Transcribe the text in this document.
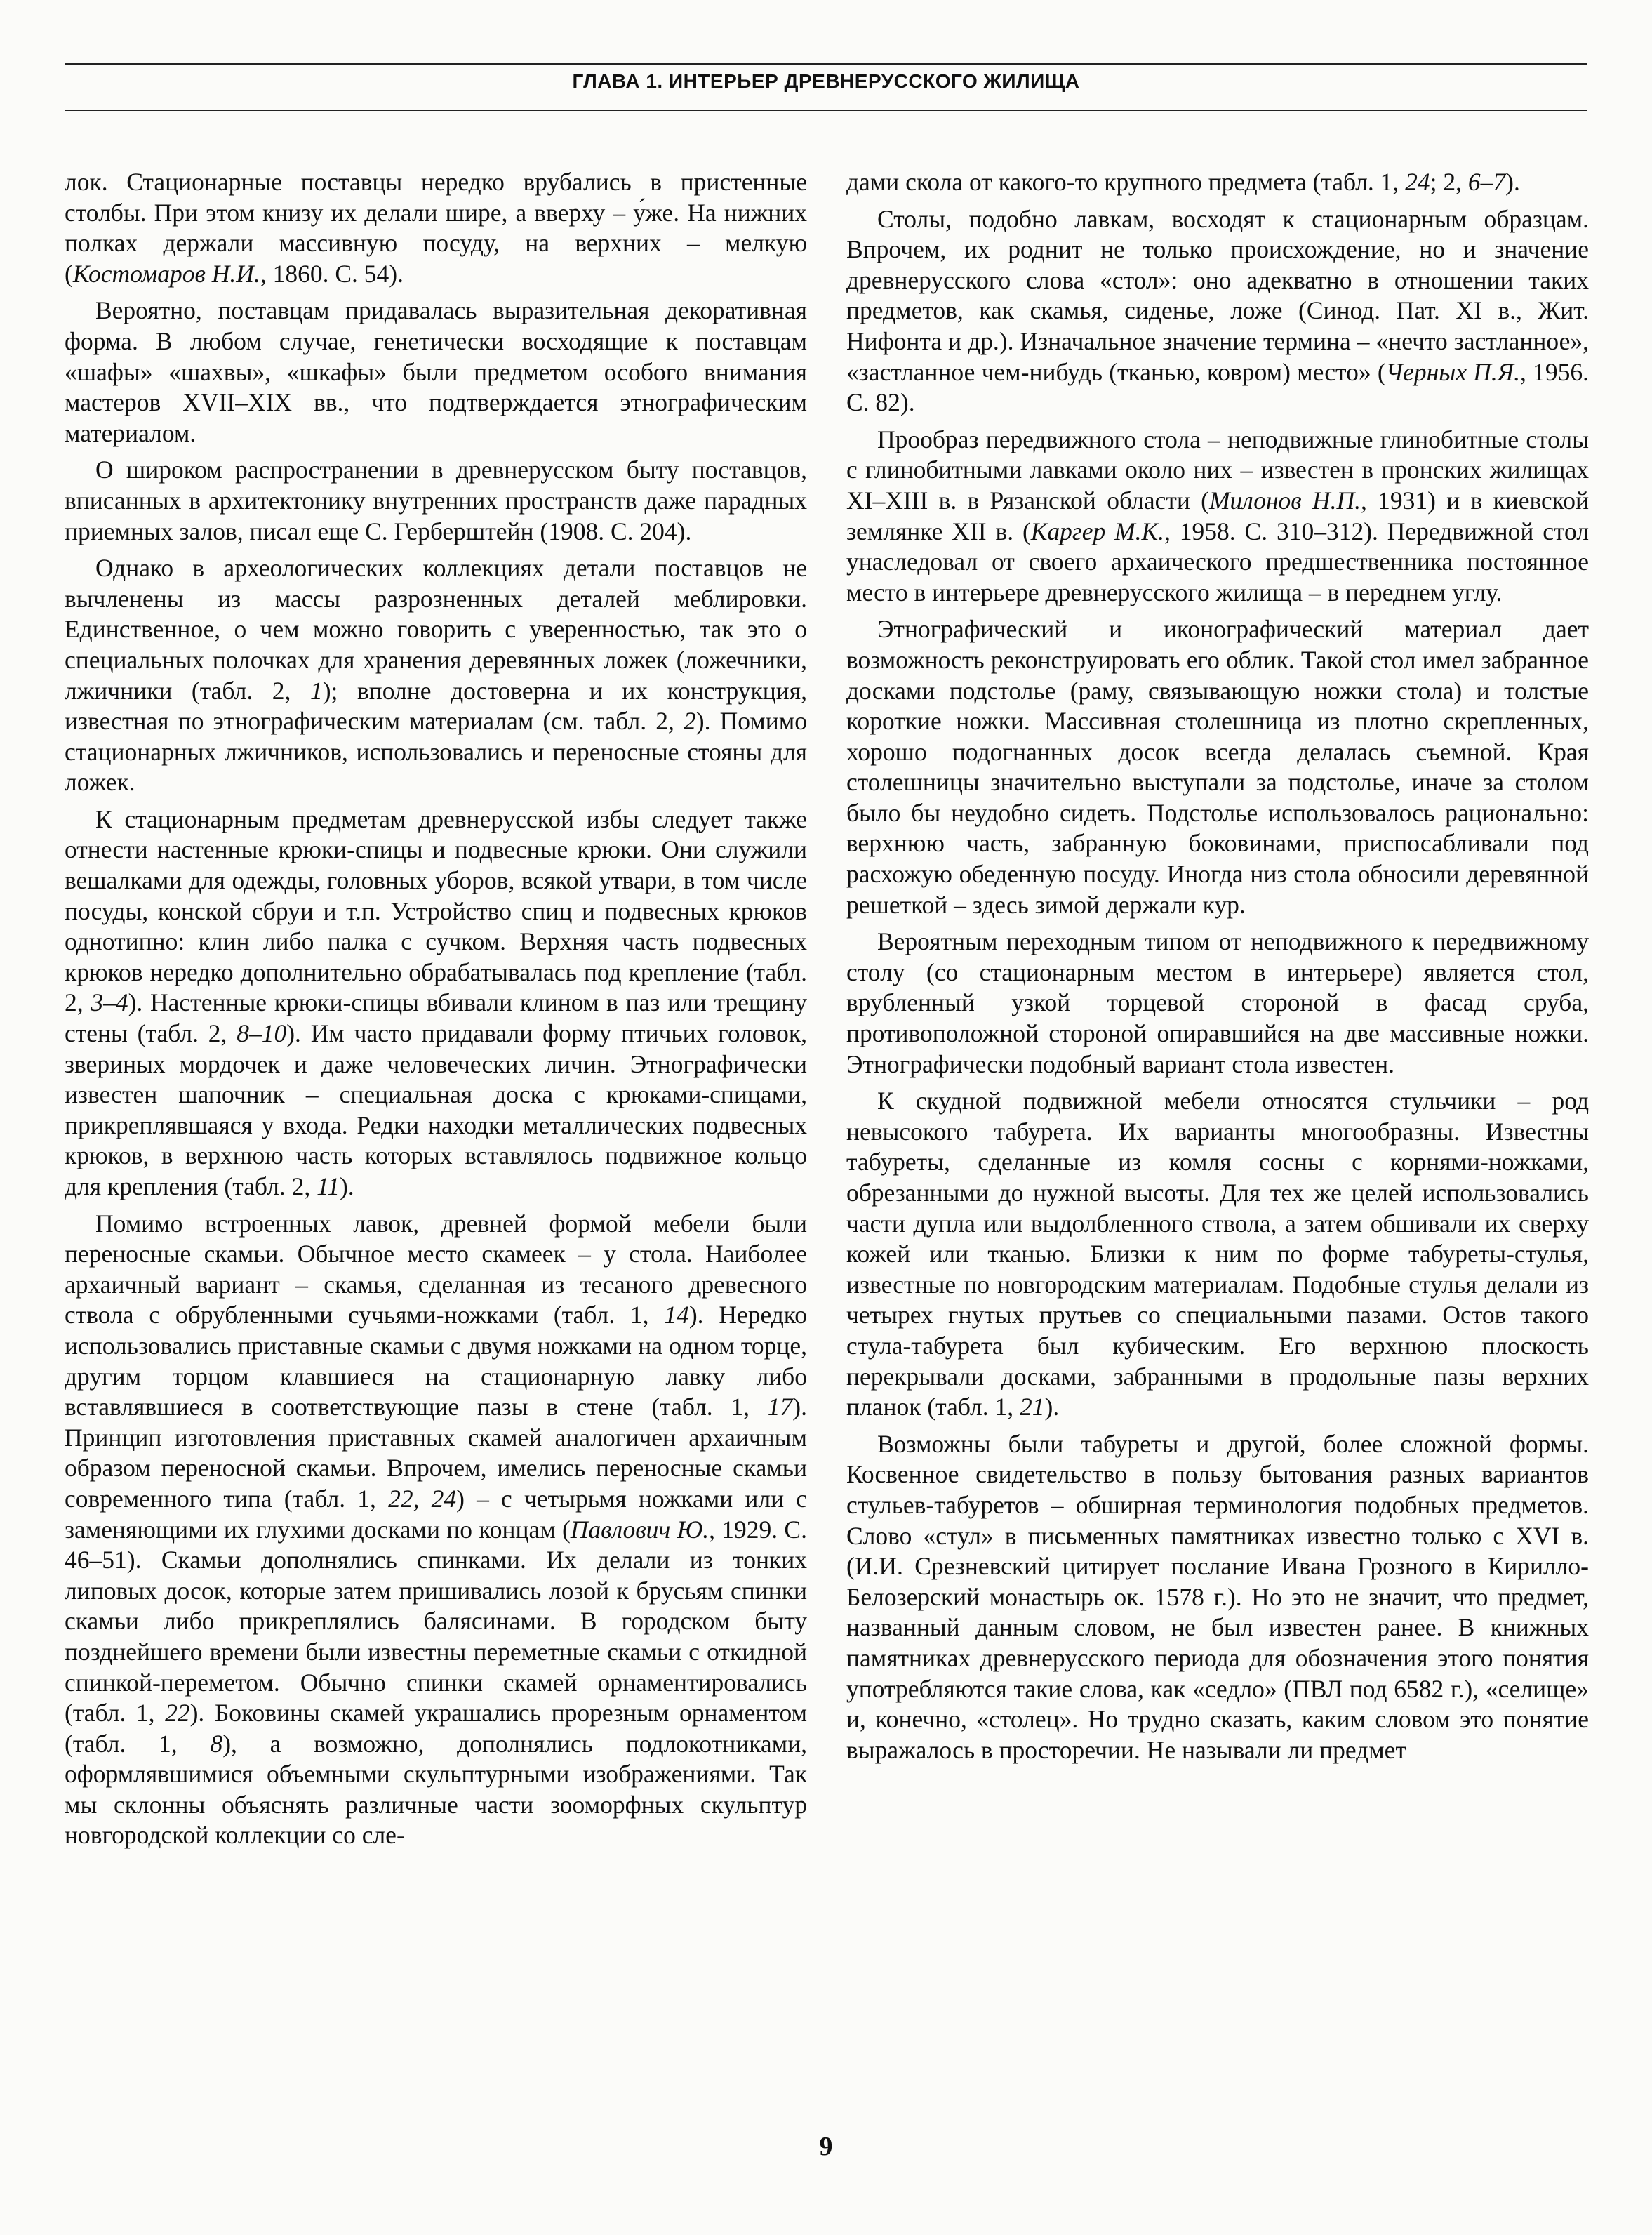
ГЛАВА 1. ИНТЕРЬЕР ДРЕВНЕРУССКОГО ЖИЛИЩА

лок. Стационарные поставцы нередко врубались в пристенные столбы. При этом книзу их делали шире, а вверху – у́же. На нижних полках держали массивную посуду, на верхних – мелкую (Костомаров Н.И., 1860. С. 54).

Вероятно, поставцам придавалась выразительная декоративная форма. В любом случае, генетически восходящие к поставцам «шафы» «шахвы», «шкафы» были предметом особого внимания мастеров XVII–XIX вв., что подтверждается этнографическим материалом.

О широком распространении в древнерусском быту поставцов, вписанных в архитектонику внутренних пространств даже парадных приемных залов, писал еще С. Герберштейн (1908. С. 204).

Однако в археологических коллекциях детали поставцов не вычленены из массы разрозненных деталей меблировки. Единственное, о чем можно говорить с уверенностью, так это о специальных полочках для хранения деревянных ложек (ложечники, лжичники (табл. 2, 1); вполне достоверна и их конструкция, известная по этнографическим материалам (см. табл. 2, 2). Помимо стационарных лжичников, использовались и переносные стояны для ложек.

К стационарным предметам древнерусской избы следует также отнести настенные крюки-спицы и подвесные крюки. Они служили вешалками для одежды, головных уборов, всякой утвари, в том числе посуды, конской сбруи и т.п. Устройство спиц и подвесных крюков однотипно: клин либо палка с сучком. Верхняя часть подвесных крюков нередко дополнительно обрабатывалась под крепление (табл. 2, 3–4). Настенные крюки-спицы вбивали клином в паз или трещину стены (табл. 2, 8–10). Им часто придавали форму птичьих головок, звериных мордочек и даже человеческих личин. Этнографически известен шапочник – специальная доска с крюками-спицами, прикреплявшаяся у входа. Редки находки металлических подвесных крюков, в верхнюю часть которых вставлялось подвижное кольцо для крепления (табл. 2, 11).

Помимо встроенных лавок, древней формой мебели были переносные скамьи. Обычное место скамеек – у стола. Наиболее архаичный вариант – скамья, сделанная из тесаного древесного ствола с обрубленными сучьями-ножками (табл. 1, 14). Нередко использовались приставные скамьи с двумя ножками на одном торце, другим торцом клавшиеся на стационарную лавку либо вставлявшиеся в соответствующие пазы в стене (табл. 1, 17). Принцип изготовления приставных скамей аналогичен архаичным образом переносной скамьи. Впрочем, имелись переносные скамьи современного типа (табл. 1, 22, 24) – с четырьмя ножками или с заменяющими их глухими досками по концам (Павлович Ю., 1929. С. 46–51). Скамьи дополнялись спинками. Их делали из тонких липовых досок, которые затем пришивались лозой к брусьям спинки скамьи либо прикреплялись балясинами. В городском быту позднейшего времени были известны переметные скамьи с откидной спинкой-переметом. Обычно спинки скамей орнаментировались (табл. 1, 22). Боковины скамей украшались прорезным орнаментом (табл. 1, 8), а возможно, дополнялись подлокотниками, оформлявшимися объемными скульптурными изображениями. Так мы склонны объяснять различные части зооморфных скульптур новгородской коллекции со сле-

дами скола от какого-то крупного предмета (табл. 1, 24; 2, 6–7).

Столы, подобно лавкам, восходят к стационарным образцам. Впрочем, их роднит не только происхождение, но и значение древнерусского слова «стол»: оно адекватно в отношении таких предметов, как скамья, сиденье, ложе (Синод. Пат. XI в., Жит. Нифонта и др.). Изначальное значение термина – «нечто застланное», «застланное чем-нибудь (тканью, ковром) место» (Черных П.Я., 1956. С. 82).

Прообраз передвижного стола – неподвижные глинобитные столы с глинобитными лавками около них – известен в пронских жилищах XI–XIII в. в Рязанской области (Милонов Н.П., 1931) и в киевской землянке XII в. (Каргер М.К., 1958. С. 310–312). Передвижной стол унаследовал от своего архаического предшественника постоянное место в интерьере древнерусского жилища – в переднем углу.

Этнографический и иконографический материал дает возможность реконструировать его облик. Такой стол имел забранное досками подстолье (раму, связывающую ножки стола) и толстые короткие ножки. Массивная столешница из плотно скрепленных, хорошо подогнанных досок всегда делалась съемной. Края столешницы значительно выступали за подстолье, иначе за столом было бы неудобно сидеть. Подстолье использовалось рационально: верхнюю часть, забранную боковинами, приспосабливали под расхожую обеденную посуду. Иногда низ стола обносили деревянной решеткой – здесь зимой держали кур.

Вероятным переходным типом от неподвижного к передвижному столу (со стационарным местом в интерьере) является стол, врубленный узкой торцевой стороной в фасад сруба, противоположной стороной опиравшийся на две массивные ножки. Этнографически подобный вариант стола известен.

К скудной подвижной мебели относятся стульчики – род невысокого табурета. Их варианты многообразны. Известны табуреты, сделанные из комля сосны с корнями-ножками, обрезанными до нужной высоты. Для тех же целей использовались части дупла или выдолбленного ствола, а затем обшивали их сверху кожей или тканью. Близки к ним по форме табуреты-стулья, известные по новгородским материалам. Подобные стулья делали из четырех гнутых прутьев со специальными пазами. Остов такого стула-табурета был кубическим. Его верхнюю плоскость перекрывали досками, забранными в продольные пазы верхних планок (табл. 1, 21).

Возможны были табуреты и другой, более сложной формы. Косвенное свидетельство в пользу бытования разных вариантов стульев-табуретов – обширная терминология подобных предметов. Слово «стул» в письменных памятниках известно только с XVI в. (И.И. Срезневский цитирует послание Ивана Грозного в Кирилло-Белозерский монастырь ок. 1578 г.). Но это не значит, что предмет, названный данным словом, не был известен ранее. В книжных памятниках древнерусского периода для обозначения этого понятия употребляются такие слова, как «седло» (ПВЛ под 6582 г.), «селище» и, конечно, «столец». Но трудно сказать, каким словом это понятие выражалось в просторечии. Не называли ли предмет

9
